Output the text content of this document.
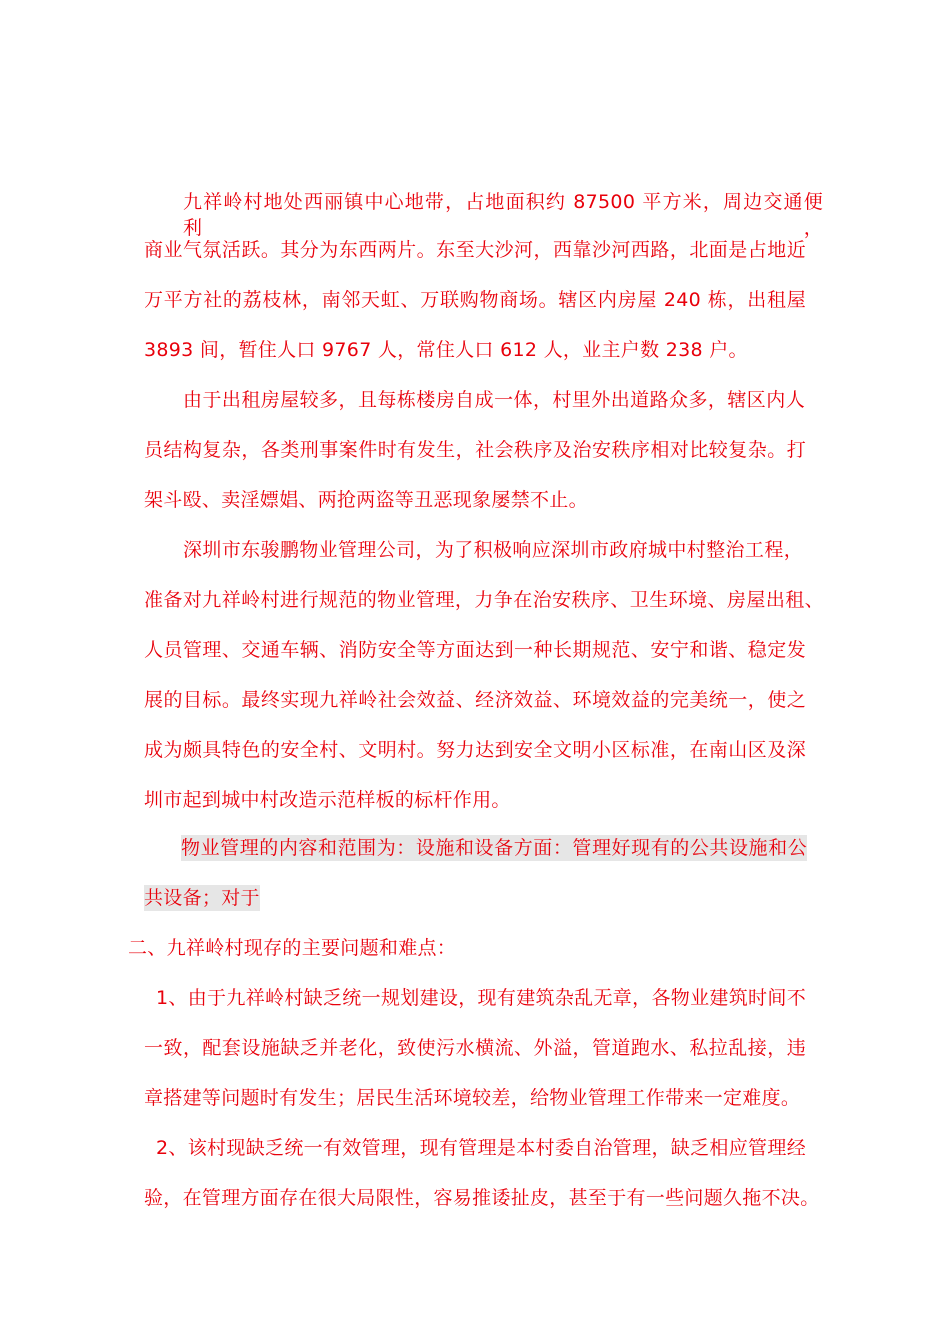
九祥岭村地处西丽镇中心地带，占地面积约 87500 平方米，周边交通便利，
商业气氛活跃。其分为东西两片。东至大沙河，西靠沙河西路，北面是占地近
万平方社的荔枝林，南邻天虹、万联购物商场。辖区内房屋 240 栋，出租屋
3893 间，暂住人口 9767 人，常住人口 612 人，业主户数 238 户。
由于出租房屋较多，且每栋楼房自成一体，村里外出道路众多，辖区内人
员结构复杂，各类刑事案件时有发生，社会秩序及治安秩序相对比较复杂。打
架斗殴、卖淫嫖娼、两抢两盗等丑恶现象屡禁不止。
深圳市东骏鹏物业管理公司，为了积极响应深圳市政府城中村整治工程，
准备对九祥岭村进行规范的物业管理，力争在治安秩序、卫生环境、房屋出租、
人员管理、交通车辆、消防安全等方面达到一种长期规范、安宁和谐、稳定发
展的目标。最终实现九祥岭社会效益、经济效益、环境效益的完美统一，使之
成为颇具特色的安全村、文明村。努力达到安全文明小区标准，在南山区及深
圳市起到城中村改造示范样板的标杆作用。
物业管理的内容和范围为：设施和设备方面：管理好现有的公共设施和公
共设备；对于
二、九祥岭村现存的主要问题和难点：
1、由于九祥岭村缺乏统一规划建设，现有建筑杂乱无章，各物业建筑时间不
一致，配套设施缺乏并老化，致使污水横流、外溢，管道跑水、私拉乱接，违
章搭建等问题时有发生；居民生活环境较差，给物业管理工作带来一定难度。
2、该村现缺乏统一有效管理，现有管理是本村委自治管理，缺乏相应管理经
验，在管理方面存在很大局限性，容易推诿扯皮，甚至于有一些问题久拖不决。
